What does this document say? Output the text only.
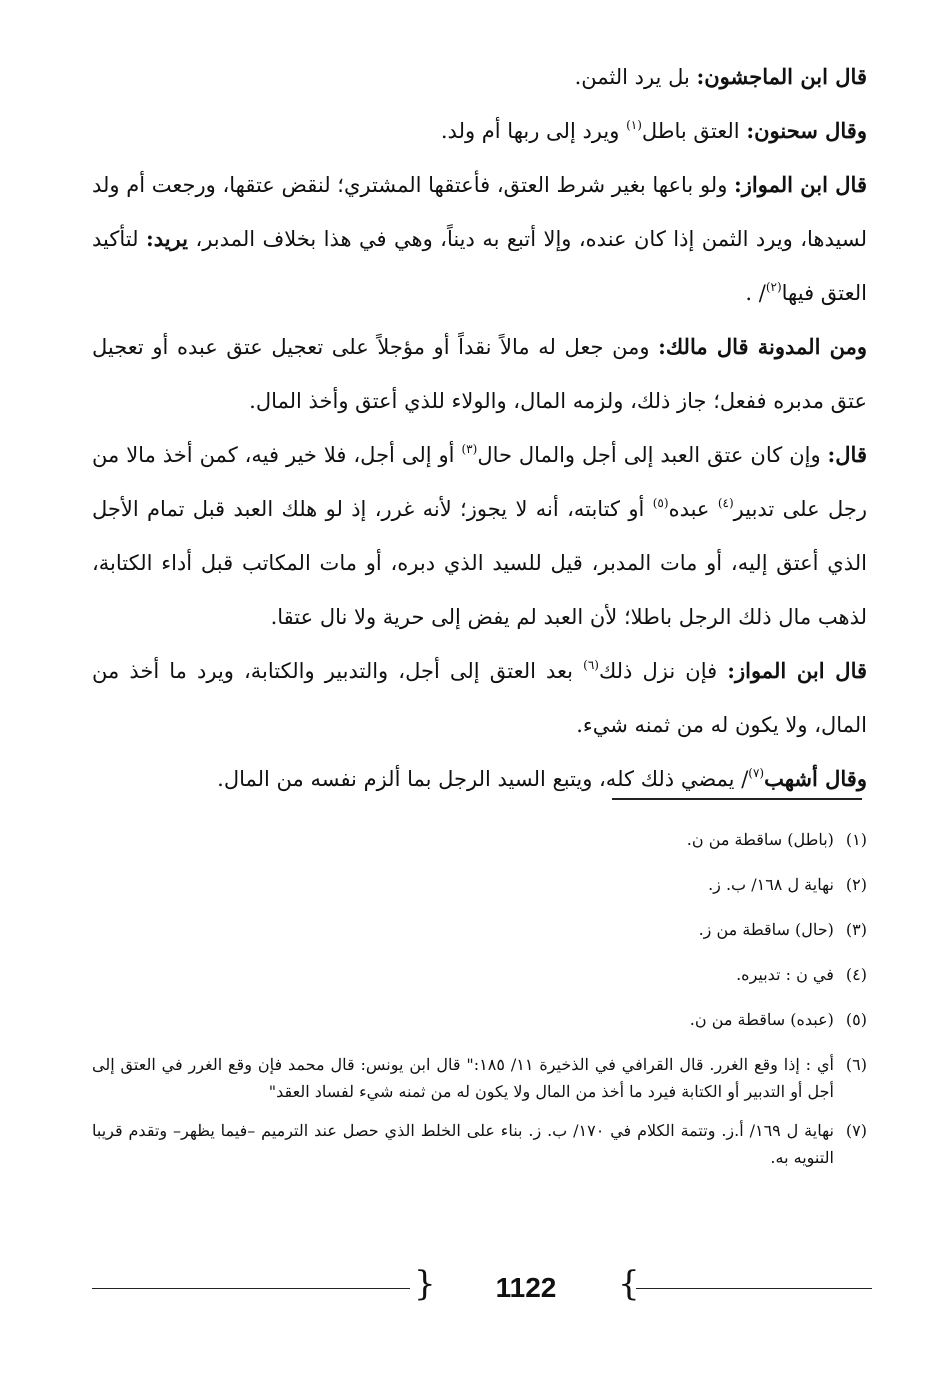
قال ابن الماجشون: بل يرد الثمن.

وقال سحنون: العتق باطل$^{(١)}$ ويرد إلى ربها أم ولد.

قال ابن المواز: ولو باعها بغير شرط العتق، فأعتقها المشتري؛ لنقض عتقها، ورجعت أم ولد لسيدها، ويرد الثمن إذا كان عنده، وإلا أتبع به ديناً، وهي في هذا بخلاف المدبر، يريد: لتأكيد العتق فيها$^{(٢)}$/ .

ومن المدونة قال مالك: ومن جعل له مالاً نقداً أو مؤجلاً على تعجيل عتق عبده أو تعجيل عتق مدبره ففعل؛ جاز ذلك، ولزمه المال، والولاء للذي أعتق وأخذ المال.

قال: وإن كان عتق العبد إلى أجل والمال حال$^{(٣)}$ أو إلى أجل، فلا خير فيه، كمن أخذ مالا من رجل على تدبير$^{(٤)}$ عبده$^{(٥)}$ أو كتابته، أنه لا يجوز؛ لأنه غرر، إذ لو هلك العبد قبل تمام الأجل الذي أعتق إليه، أو مات المدبر، قيل للسيد الذي دبره، أو مات المكاتب قبل أداء الكتابة، لذهب مال ذلك الرجل باطلا؛ لأن العبد لم يفض إلى حرية ولا نال عتقا.

قال ابن المواز: فإن نزل ذلك$^{(٦)}$ بعد العتق إلى أجل، والتدبير والكتابة، ويرد ما أخذ من المال، ولا يكون له من ثمنه شيء.

وقال أشهب$^{(٧)}$/ يمضي ذلك كله، ويتبع السيد الرجل بما ألزم نفسه من المال.

(١)
(باطل) ساقطة من ن.
(٢)
نهاية ل ١٦٨/ ب. ز.
(٣)
(حال) ساقطة من ز.
(٤)
في ن : تدبيره.
(٥)
(عبده) ساقطة من ن.
(٦)
أي : إذا وقع الغرر. قال القرافي في الذخيرة ١١/ ١٨٥:" قال ابن يونس: قال محمد فإن وقع الغرر في العتق إلى أجل أو التدبير أو الكتابة فيرد ما أخذ من المال ولا يكون له من ثمنه شيء لفساد العقد"
(٧)
نهاية ل ١٦٩/ أ.ز. وتتمة الكلام في ١٧٠/ ب. ز. بناء على الخلط الذي حصل عند الترميم –فيما يظهر– وتقدم قريبا التنويه به.
{	1122	}
